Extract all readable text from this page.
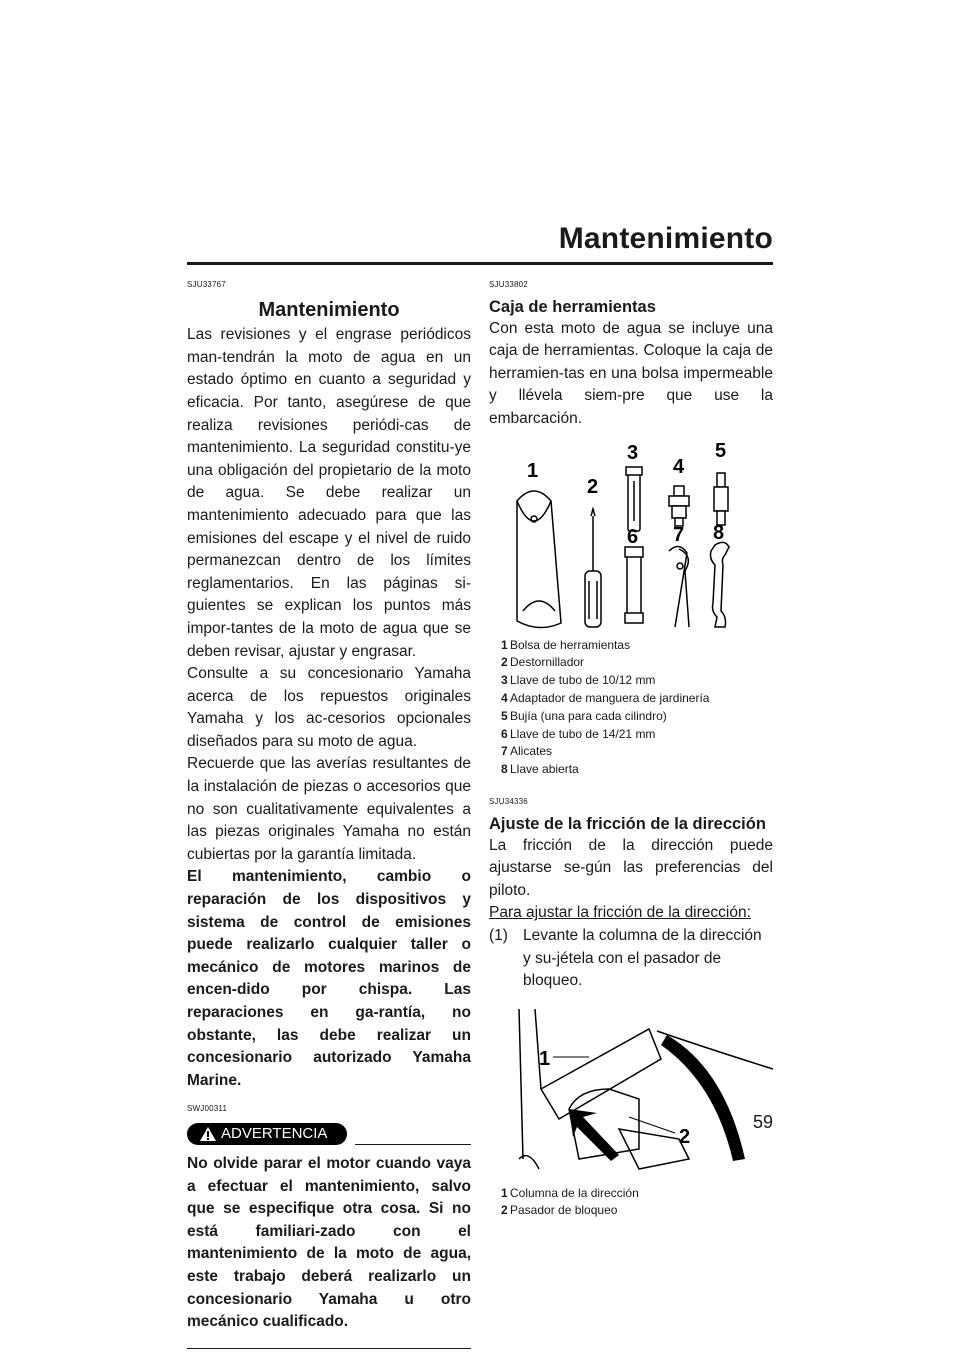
Mantenimiento
SJU33767
Mantenimiento

Las revisiones y el engrase periódicos man-tendrán la moto de agua en un estado óptimo en cuanto a seguridad y eficacia. Por tanto, asegúrese de que realiza revisiones periódi-cas de mantenimiento. La seguridad constitu-ye una obligación del propietario de la moto de agua. Se debe realizar un mantenimiento adecuado para que las emisiones del escape y el nivel de ruido permanezcan dentro de los límites reglamentarios. En las páginas si-guientes se explican los puntos más impor-tantes de la moto de agua que se deben revisar, ajustar y engrasar.

Consulte a su concesionario Yamaha acerca de los repuestos originales Yamaha y los ac-cesorios opcionales diseñados para su moto de agua.

Recuerde que las averías resultantes de la instalación de piezas o accesorios que no son cualitativamente equivalentes a las piezas originales Yamaha no están cubiertas por la garantía limitada.

El mantenimiento, cambio o reparación de los dispositivos y sistema de control de emisiones puede realizarlo cualquier taller o mecánico de motores marinos de encen-dido por chispa. Las reparaciones en ga-rantía, no obstante, las debe realizar un concesionario autorizado Yamaha Marine.

SWJ00311
ADVERTENCIA

No olvide parar el motor cuando vaya a efectuar el mantenimiento, salvo que se especifique otra cosa. Si no está familiari-zado con el mantenimiento de la moto de agua, este trabajo deberá realizarlo un concesionario Yamaha u otro mecánico cualificado.

SJU33802
Caja de herramientas

Con esta moto de agua se incluye una caja de herramientas. Coloque la caja de herramien-tas en una bolsa impermeable y llévela siem-pre que use la embarcación.

1
2
3
4
5
6 7 8
1 Bolsa de herramientas
2 Destornillador
3 Llave de tubo de 10/12 mm
4 Adaptador de manguera de jardinería
5 Bujía (una para cada cilindro)
6 Llave de tubo de 14/21 mm
7 Alicates
8 Llave abierta
SJU34336
Ajuste de la fricción de la dirección

La fricción de la dirección puede ajustarse se-gún las preferencias del piloto.

Para ajustar la fricción de la dirección:
(1) Levante la columna de la dirección y su-jétela con el pasador de bloqueo.
1
2
1 Columna de la dirección
2 Pasador de bloqueo
59
